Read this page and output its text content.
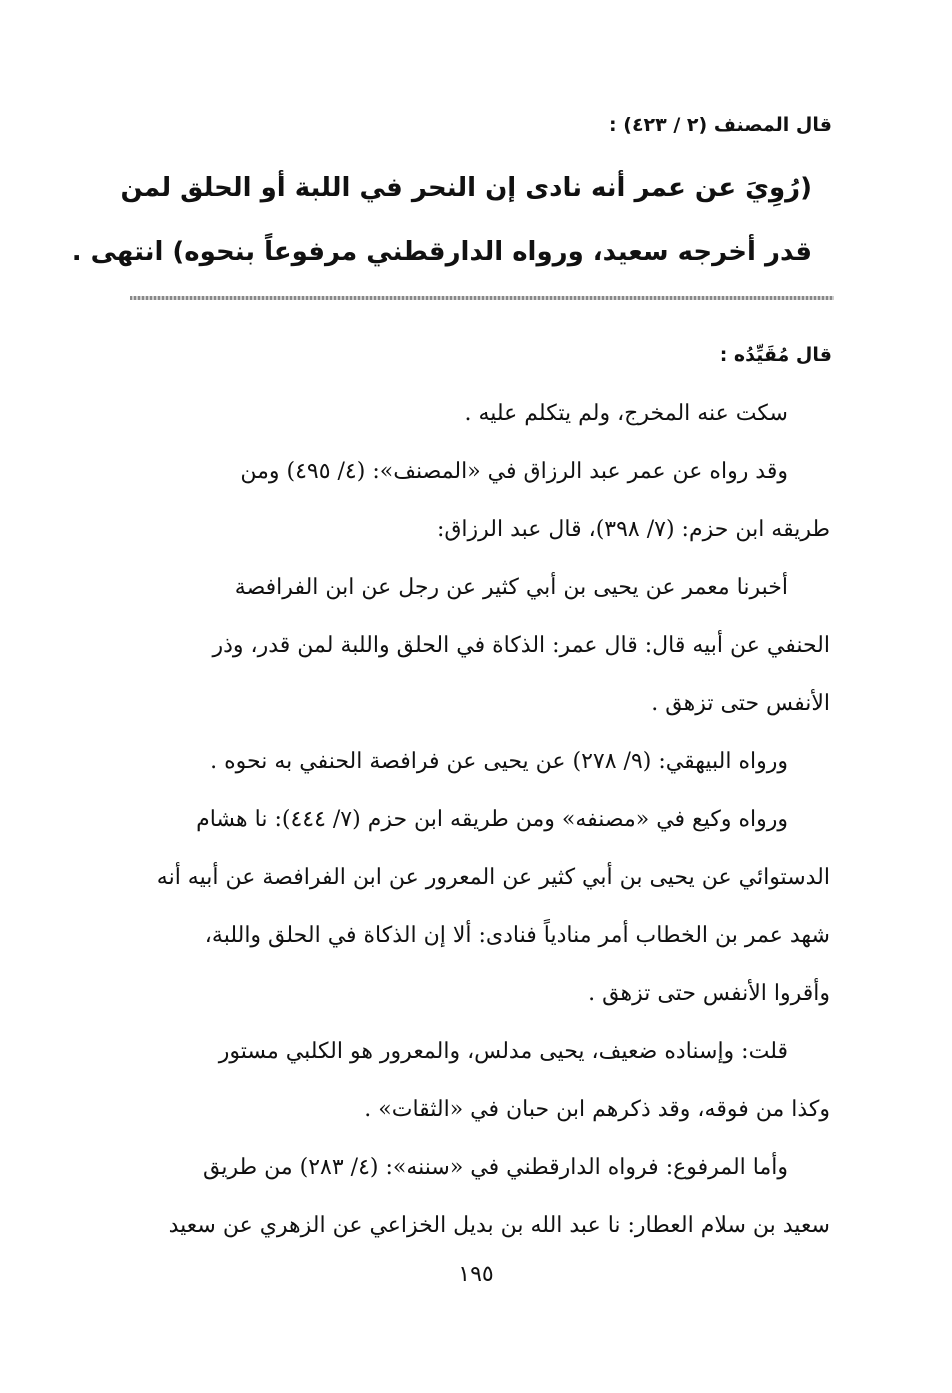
قال المصنف (٢ / ٤٢٣) :
(رُوِيَ عن عمر أنه نادى إن النحر في اللبة أو الحلق لمن
قدر أخرجه سعيد، ورواه الدارقطني مرفوعاً بنحوه) انتهى .
قال مُقَيِّدُه :
سكت عنه المخرج، ولم يتكلم عليه .
وقد رواه عن عمر عبد الرزاق في «المصنف»: (٤/ ٤٩٥) ومن
طريقه ابن حزم: (٧/ ٣٩٨)، قال عبد الرزاق:
أخبرنا معمر عن يحيى بن أبي كثير عن رجل عن ابن الفرافصة
الحنفي عن أبيه قال: قال عمر: الذكاة في الحلق واللبة لمن قدر، وذر
الأنفس حتى تزهق .
ورواه البيهقي: (٩/ ٢٧٨) عن يحيى عن فرافصة الحنفي به نحوه .
ورواه وكيع في «مصنفه» ومن طريقه ابن حزم (٧/ ٤٤٤): نا هشام
الدستوائي عن يحيى بن أبي كثير عن المعرور عن ابن الفرافصة عن أبيه أنه
شهد عمر بن الخطاب أمر منادياً فنادى: ألا إن الذكاة في الحلق واللبة،
وأقروا الأنفس حتى تزهق .
قلت: وإسناده ضعيف، يحيى مدلس، والمعرور هو الكلبي مستور
وكذا من فوقه، وقد ذكرهم ابن حبان في «الثقات» .
وأما المرفوع: فرواه الدارقطني في «سننه»: (٤/ ٢٨٣) من طريق
سعيد بن سلام العطار: نا عبد الله بن بديل الخزاعي عن الزهري عن سعيد
١٩٥
